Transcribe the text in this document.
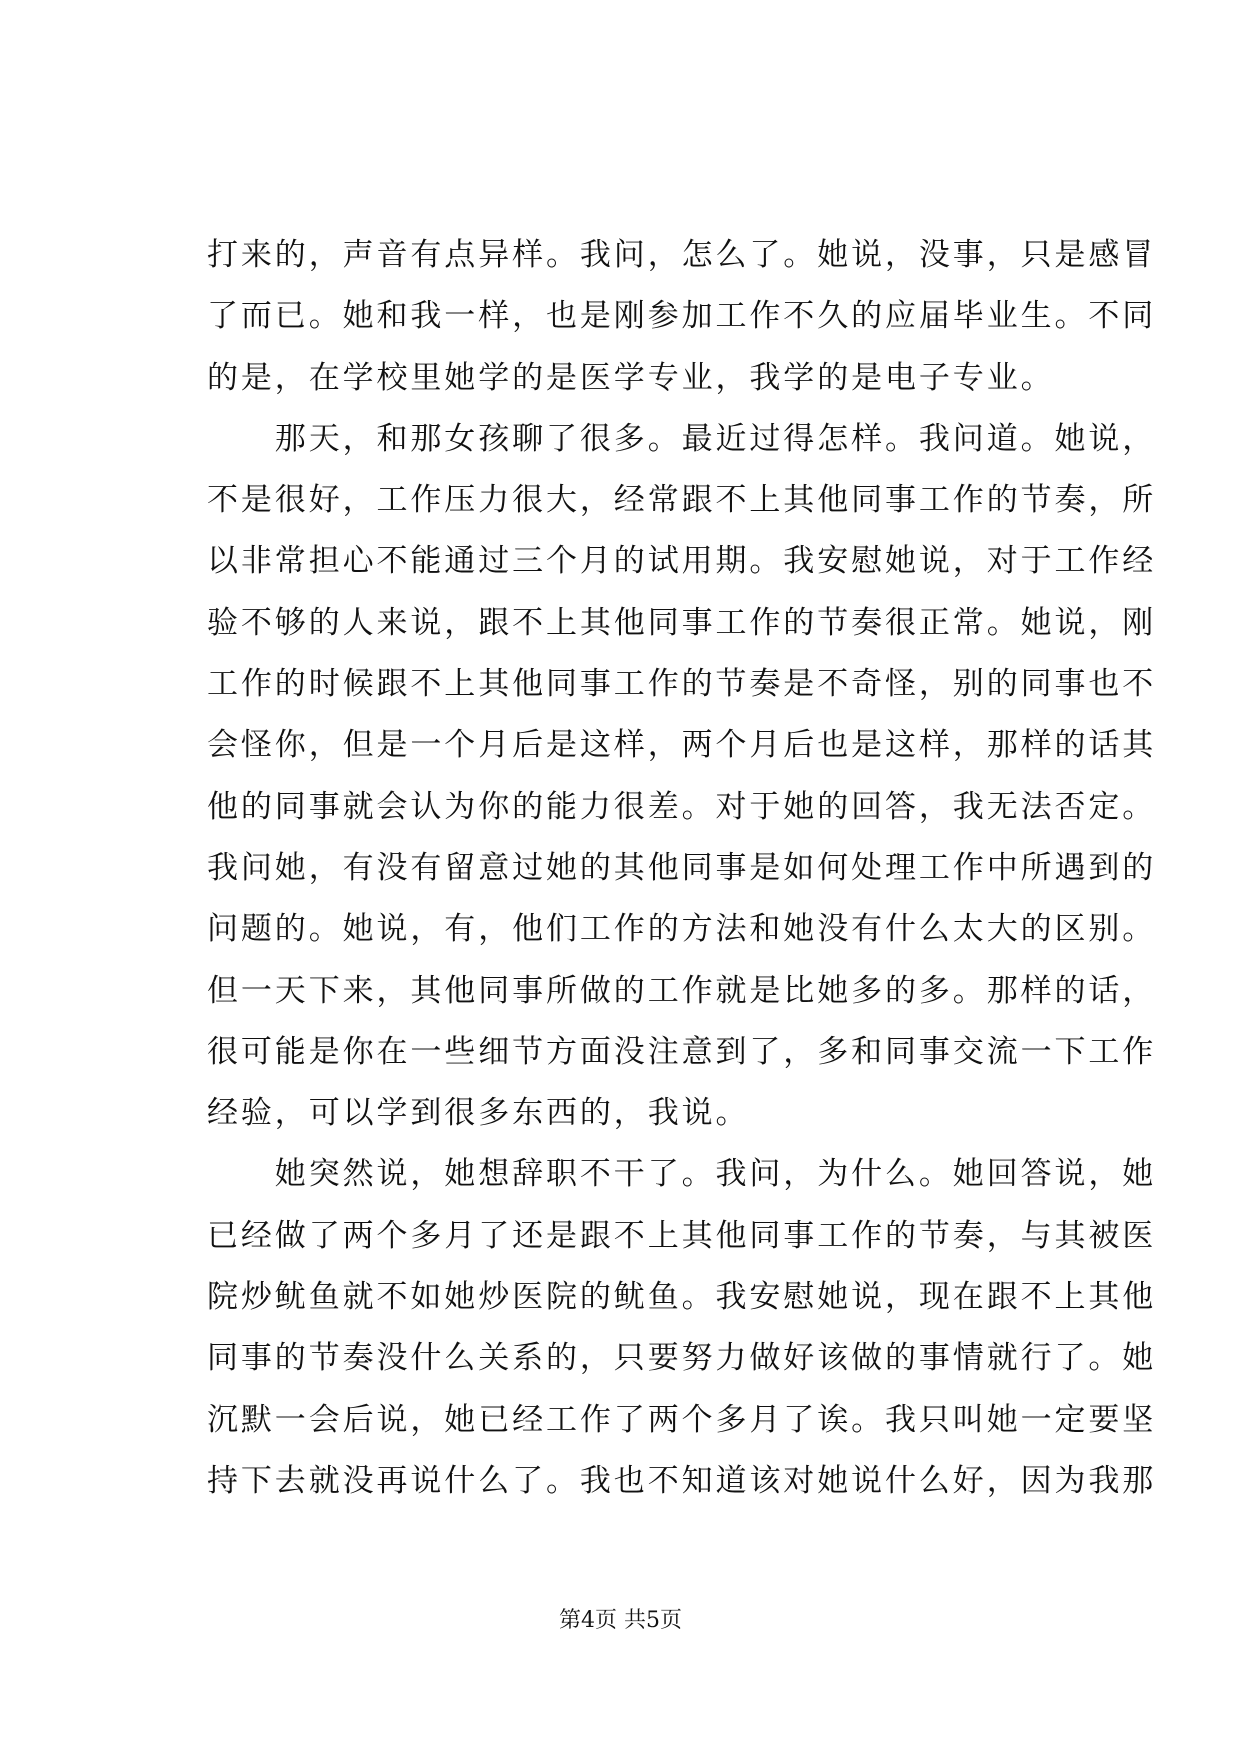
打来的，声音有点异样。我问，怎么了。她说，没事，只是感冒
了而已。她和我一样，也是刚参加工作不久的应届毕业生。不同
的是，在学校里她学的是医学专业，我学的是电子专业。
　　那天，和那女孩聊了很多。最近过得怎样。我问道。她说，
不是很好，工作压力很大，经常跟不上其他同事工作的节奏，所
以非常担心不能通过三个月的试用期。我安慰她说，对于工作经
验不够的人来说，跟不上其他同事工作的节奏很正常。她说，刚
工作的时候跟不上其他同事工作的节奏是不奇怪，别的同事也不
会怪你，但是一个月后是这样，两个月后也是这样，那样的话其
他的同事就会认为你的能力很差。对于她的回答，我无法否定。
我问她，有没有留意过她的其他同事是如何处理工作中所遇到的
问题的。她说，有，他们工作的方法和她没有什么太大的区别。
但一天下来，其他同事所做的工作就是比她多的多。那样的话，
很可能是你在一些细节方面没注意到了，多和同事交流一下工作
经验，可以学到很多东西的，我说。
　　她突然说，她想辞职不干了。我问，为什么。她回答说，她
已经做了两个多月了还是跟不上其他同事工作的节奏，与其被医
院炒鱿鱼就不如她炒医院的鱿鱼。我安慰她说，现在跟不上其他
同事的节奏没什么关系的，只要努力做好该做的事情就行了。她
沉默一会后说，她已经工作了两个多月了诶。我只叫她一定要坚
持下去就没再说什么了。我也不知道该对她说什么好，因为我那
第4页 共5页
